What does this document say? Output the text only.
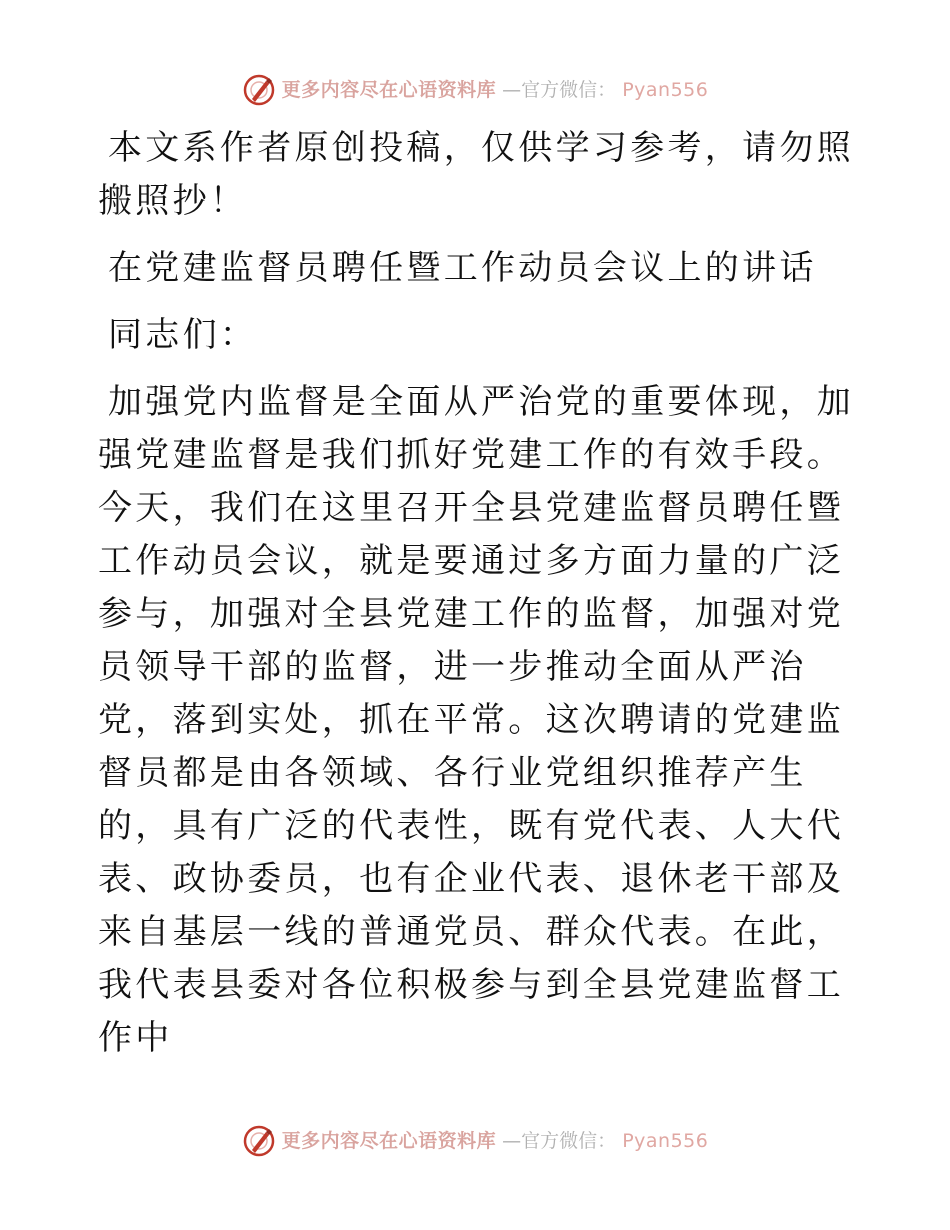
更多内容尽在心语资料库 —官方微信： Pyan556

本文系作者原创投稿，仅供学习参考，请勿照搬照抄！

在党建监督员聘任暨工作动员会议上的讲话

同志们：

加强党内监督是全面从严治党的重要体现，加强党建监督是我们抓好党建工作的有效手段。今天，我们在这里召开全县党建监督员聘任暨工作动员会议，就是要通过多方面力量的广泛参与，加强对全县党建工作的监督，加强对党员领导干部的监督，进一步推动全面从严治党，落到实处，抓在平常。这次聘请的党建监督员都是由各领域、各行业党组织推荐产生的，具有广泛的代表性，既有党代表、人大代表、政协委员，也有企业代表、退休老干部及来自基层一线的普通党员、群众代表。在此，我代表县委对各位积极参与到全县党建监督工作中

更多内容尽在心语资料库 —官方微信： Pyan556
